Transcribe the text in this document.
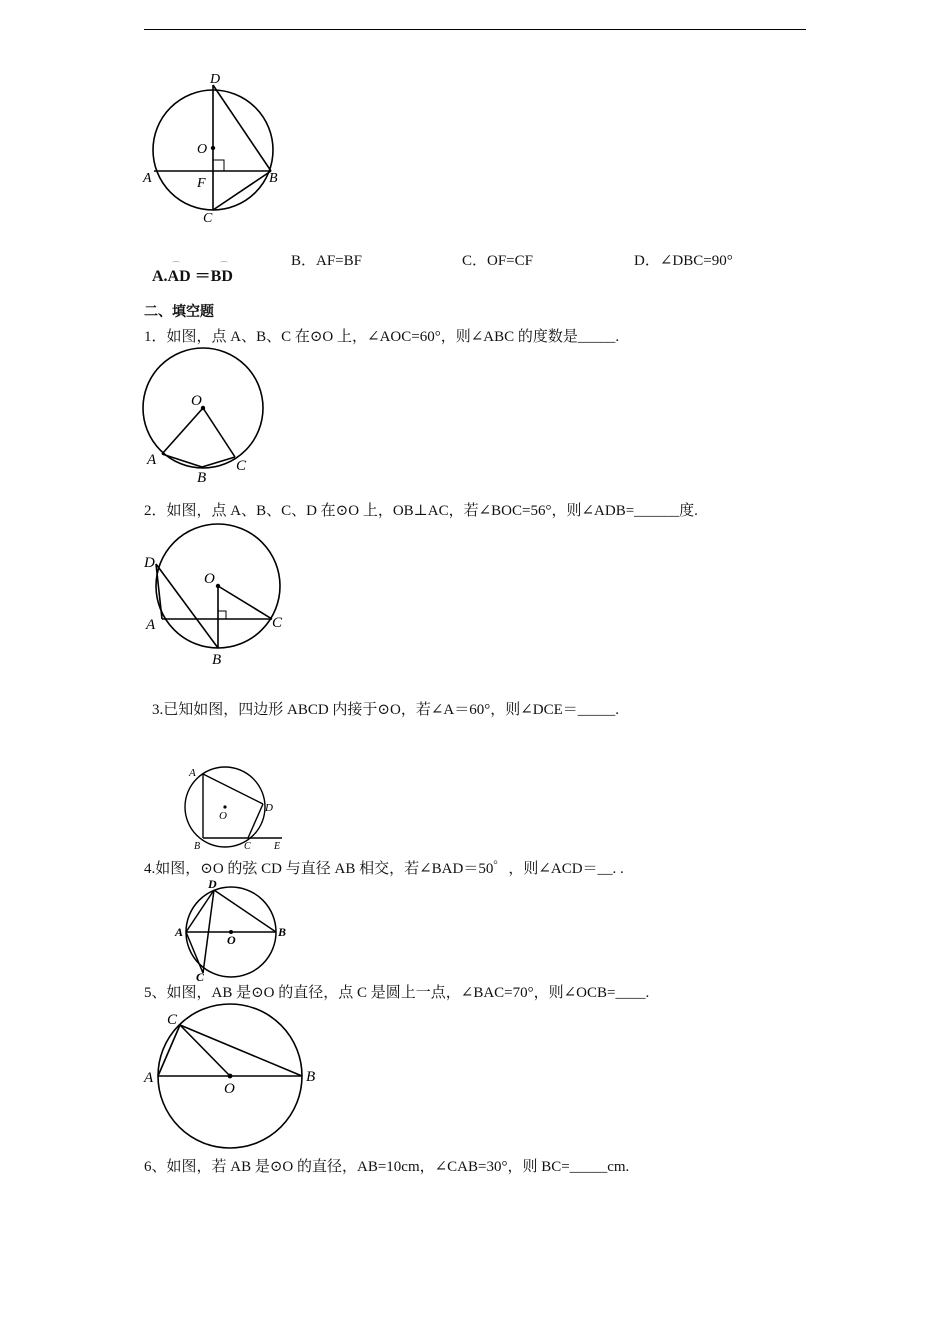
D
O
A	F	B
C
⌒	⌒
A.AD ＝BD
B．AF=BF	C．OF=CF	D．∠DBC=90°
二、填空题
1．如图，点 A、B、C 在⊙O 上，∠AOC=60°，则∠ABC 的度数是_____.
O
A
B
C
2．如图，点 A、B、C、D 在⊙O 上，OB⊥AC，若∠BOC=56°，则∠ADB=______度.
D
O
A	C
B
3.已知如图，四边形 ABCD 内接于⊙O，若∠A＝60°，则∠DCE＝_____.
A
D
O
B	C E
4.如图，⊙O 的弦 CD 与直径 AB 相交，若∠BAD＝50゜，则∠ACD＝__. .
D
A
O
B
C
5、如图，AB 是⊙O 的直径，点 C 是圆上一点，∠BAC=70°，则∠OCB=____.
C
A
O
B
6、如图，若 AB 是⊙O 的直径，AB=10cm，∠CAB=30°，则 BC=_____cm.
